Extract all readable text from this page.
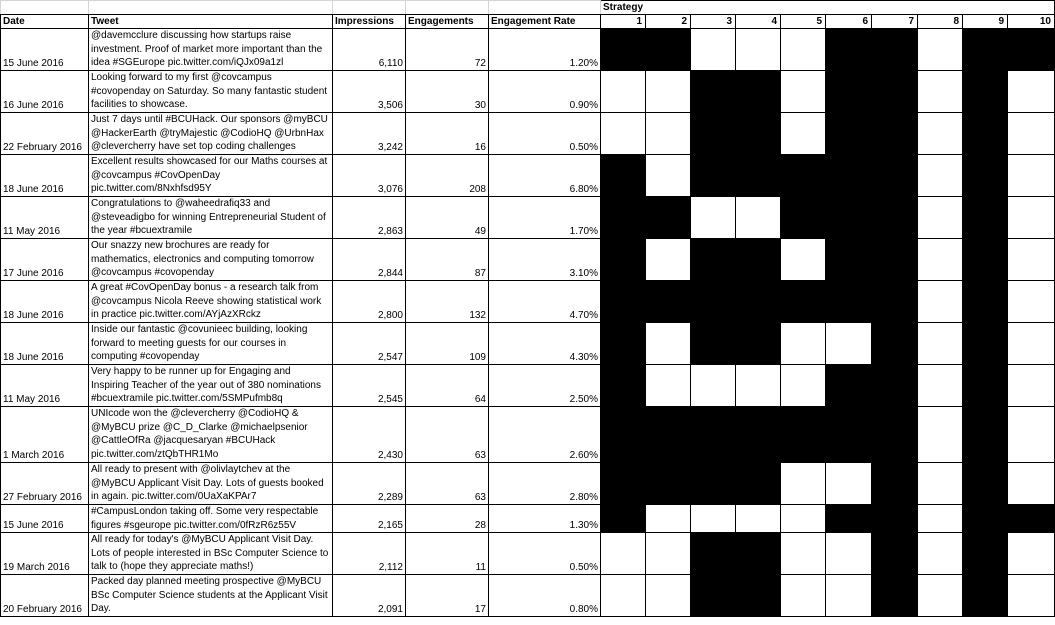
					Strategy									
Date	Tweet	Impressions	Engagements	Engagement Rate	1	2	3	4	5	6	7	8	9	10
15 June 2016	@davemcclure discussing how startups raise investment. Proof of market more important than the idea #SGEurope pic.twitter.com/iQJx09a1zl	6,110	72	1.20%										
16 June 2016	Looking forward to my first @covcampus #covopenday on Saturday. So many fantastic student facilities to showcase.	3,506	30	0.90%										
22 February 2016	Just 7 days until #BCUHack. Our sponsors @myBCU @HackerEarth @tryMajestic @CodioHQ @UrbnHax @clevercherry have set top coding challenges	3,242	16	0.50%										
18 June 2016	Excellent results showcased for our Maths courses at @covcampus #CovOpenDay pic.twitter.com/8Nxhfsd95Y	3,076	208	6.80%										
11 May 2016	Congratulations to @waheedrafiq33 and @steveadigbo for winning Entrepreneurial Student of the year #bcuextramile	2,863	49	1.70%										
17 June 2016	Our snazzy new brochures are ready for mathematics, electronics and computing tomorrow @covcampus #covopenday	2,844	87	3.10%										
18 June 2016	A great #CovOpenDay bonus - a research talk from @covcampus Nicola Reeve showing statistical work in practice pic.twitter.com/AYjAzXRckz	2,800	132	4.70%										
18 June 2016	Inside our fantastic @covunieec building, looking forward to meeting guests for our courses in computing #covopenday	2,547	109	4.30%										
11 May 2016	Very happy to be runner up for Engaging and Inspiring Teacher of the year out of 380 nominations #bcuextramile pic.twitter.com/5SMPufmb8q	2,545	64	2.50%										
1 March 2016	UNIcode won the @clevercherry @CodioHQ & @MyBCU prize @C_D_Clarke @michaelpsenior @CattleOfRa @jacquesaryan #BCUHack pic.twitter.com/ztQbTHR1Mo	2,430	63	2.60%										
27 February 2016	All ready to present with @olivlaytchev at the @MyBCU Applicant Visit Day. Lots of guests booked in again. pic.twitter.com/0UaXaKPAr7	2,289	63	2.80%										
15 June 2016	#CampusLondon taking off. Some very respectable figures #sgeurope pic.twitter.com/0fRzR6z55V	2,165	28	1.30%										
19 March 2016	All ready for today's @MyBCU Applicant Visit Day. Lots of people interested in BSc Computer Science to talk to (hope they appreciate maths!)	2,112	11	0.50%										
20 February 2016	Packed day planned meeting prospective @MyBCU BSc Computer Science students at the Applicant Visit Day.	2,091	17	0.80%										
